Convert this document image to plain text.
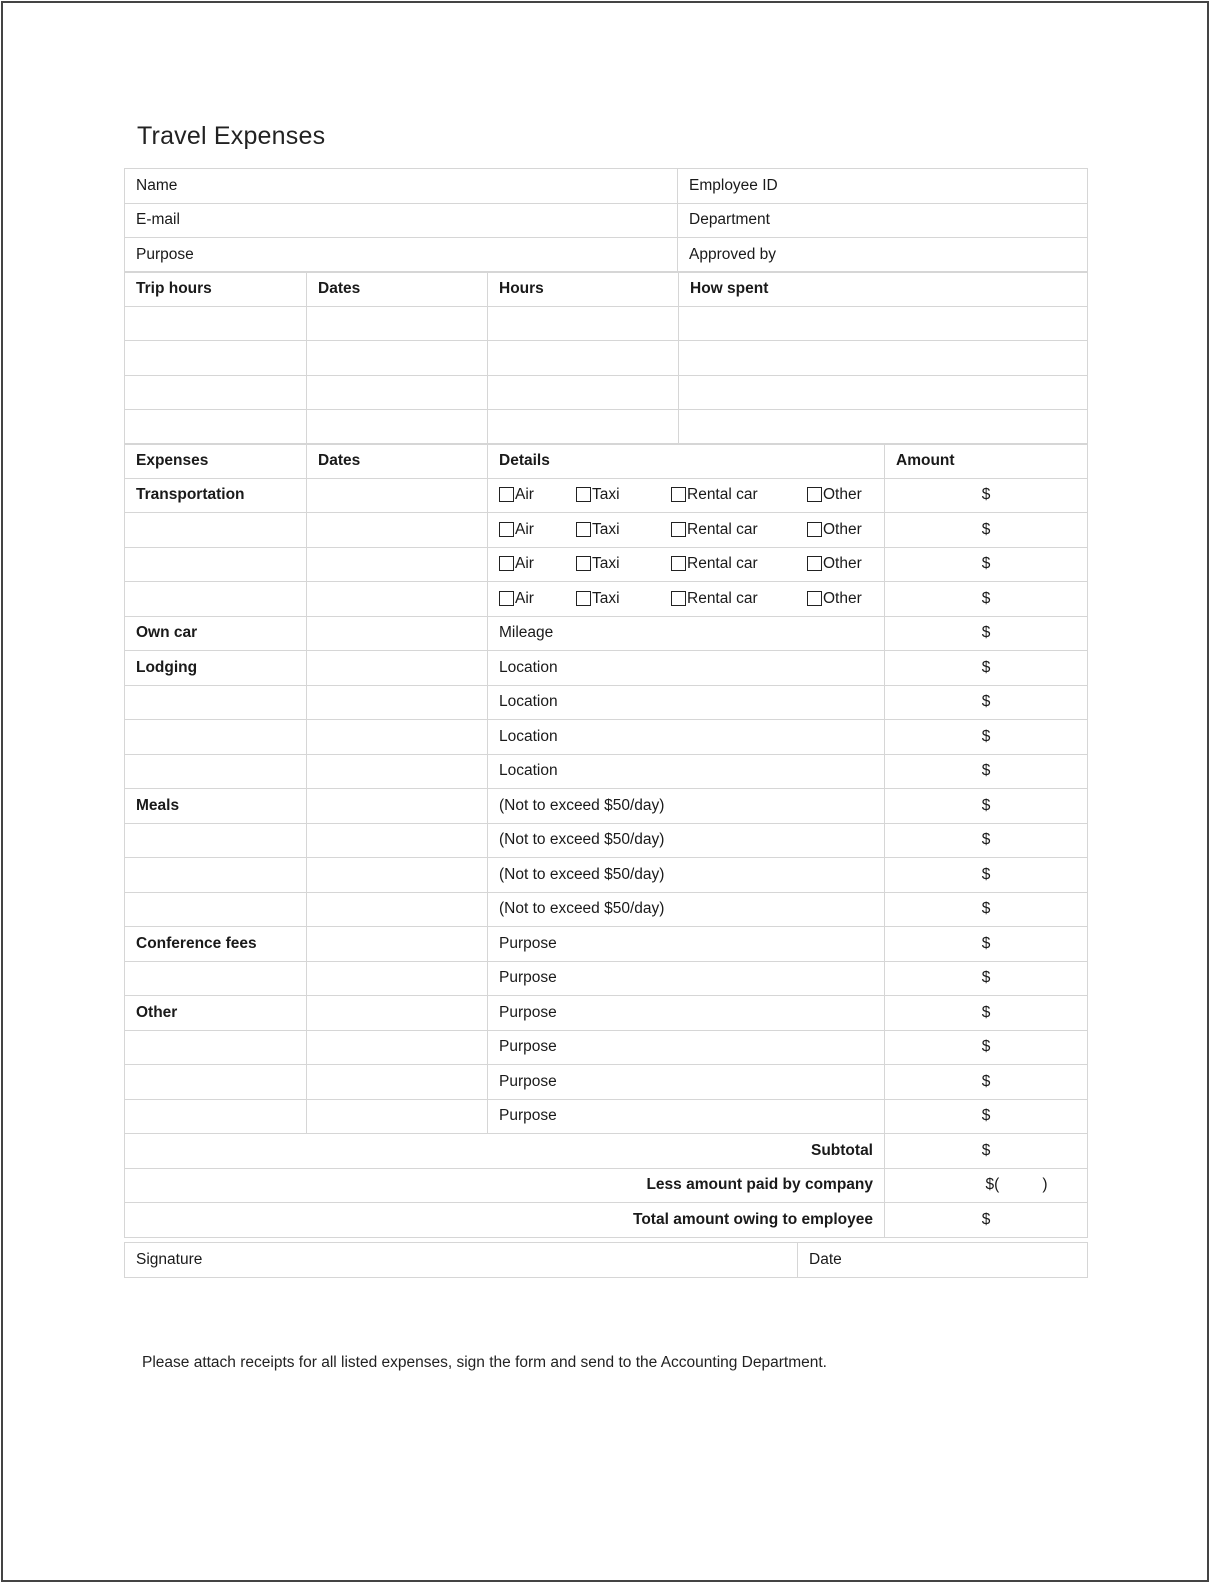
Travel Expenses
Name	Employee ID
E-mail	Department
Purpose	Approved by
Trip hours	Dates	Hours	How spent

Expenses	Dates	Details	Amount
Transportation		Air Taxi Rental car Other	$
		Air Taxi Rental car Other	$
		Air Taxi Rental car Other	$
		Air Taxi Rental car Other	$
Own car		Mileage	$
Lodging		Location	$
		Location	$
		Location	$
		Location	$
Meals		(Not to exceed $50/day)	$
		(Not to exceed $50/day)	$
		(Not to exceed $50/day)	$
		(Not to exceed $50/day)	$
Conference fees		Purpose	$
		Purpose	$
Other		Purpose	$
		Purpose	$
		Purpose	$
		Purpose	$
Subtotal			$
Less amount paid by company			$(          )
Total amount owing to employee			$
Signature	Date
Please attach receipts for all listed expenses, sign the form and send to the Accounting Department.
